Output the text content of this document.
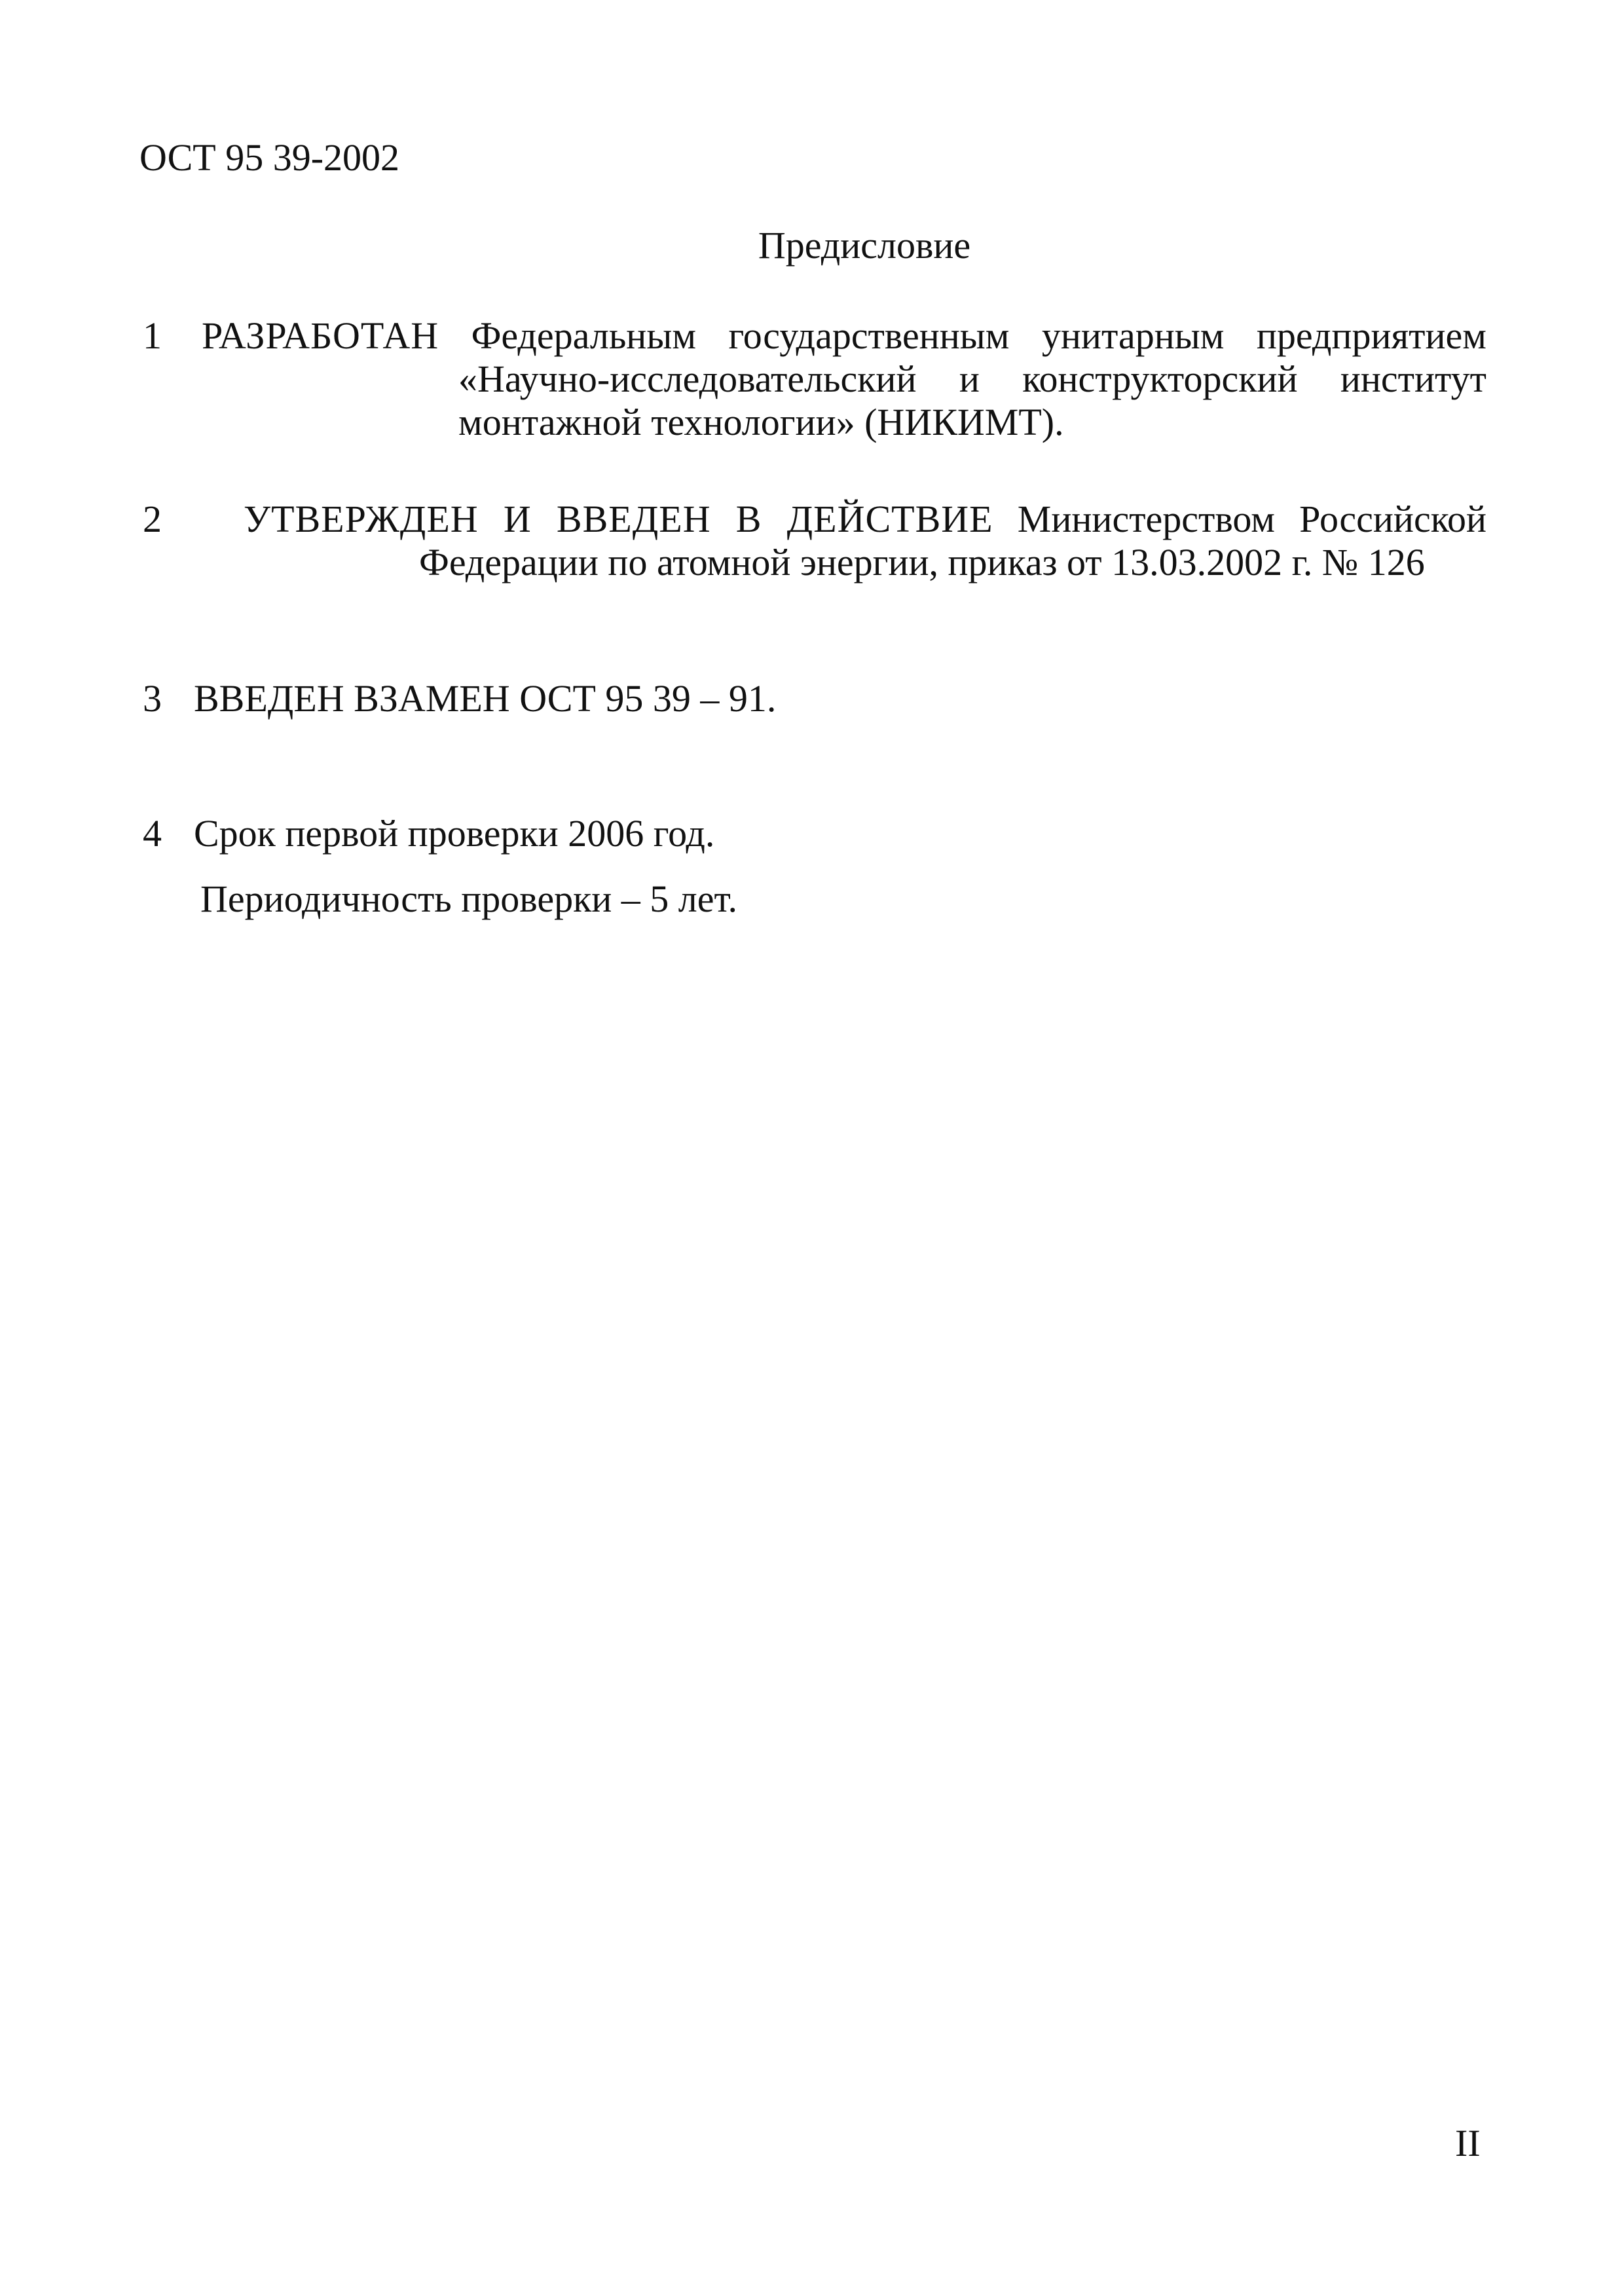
ОСТ 95 39-2002
Предисловие
1 РАЗРАБОТАН Федеральным государственным унитарным предприятием
«Научно-исследовательский и конструкторский институт
монтажной технологии» (НИКИМТ).
2 УТВЕРЖДЕН И ВВЕДЕН В ДЕЙСТВИЕ Министерством Российской
Федерации по атомной энергии, приказ от 13.03.2002 г. № 126
3 ВВЕДЕН ВЗАМЕН ОСТ 95 39 – 91.
4 Срок первой проверки 2006 год.
Периодичность проверки – 5 лет.
II
